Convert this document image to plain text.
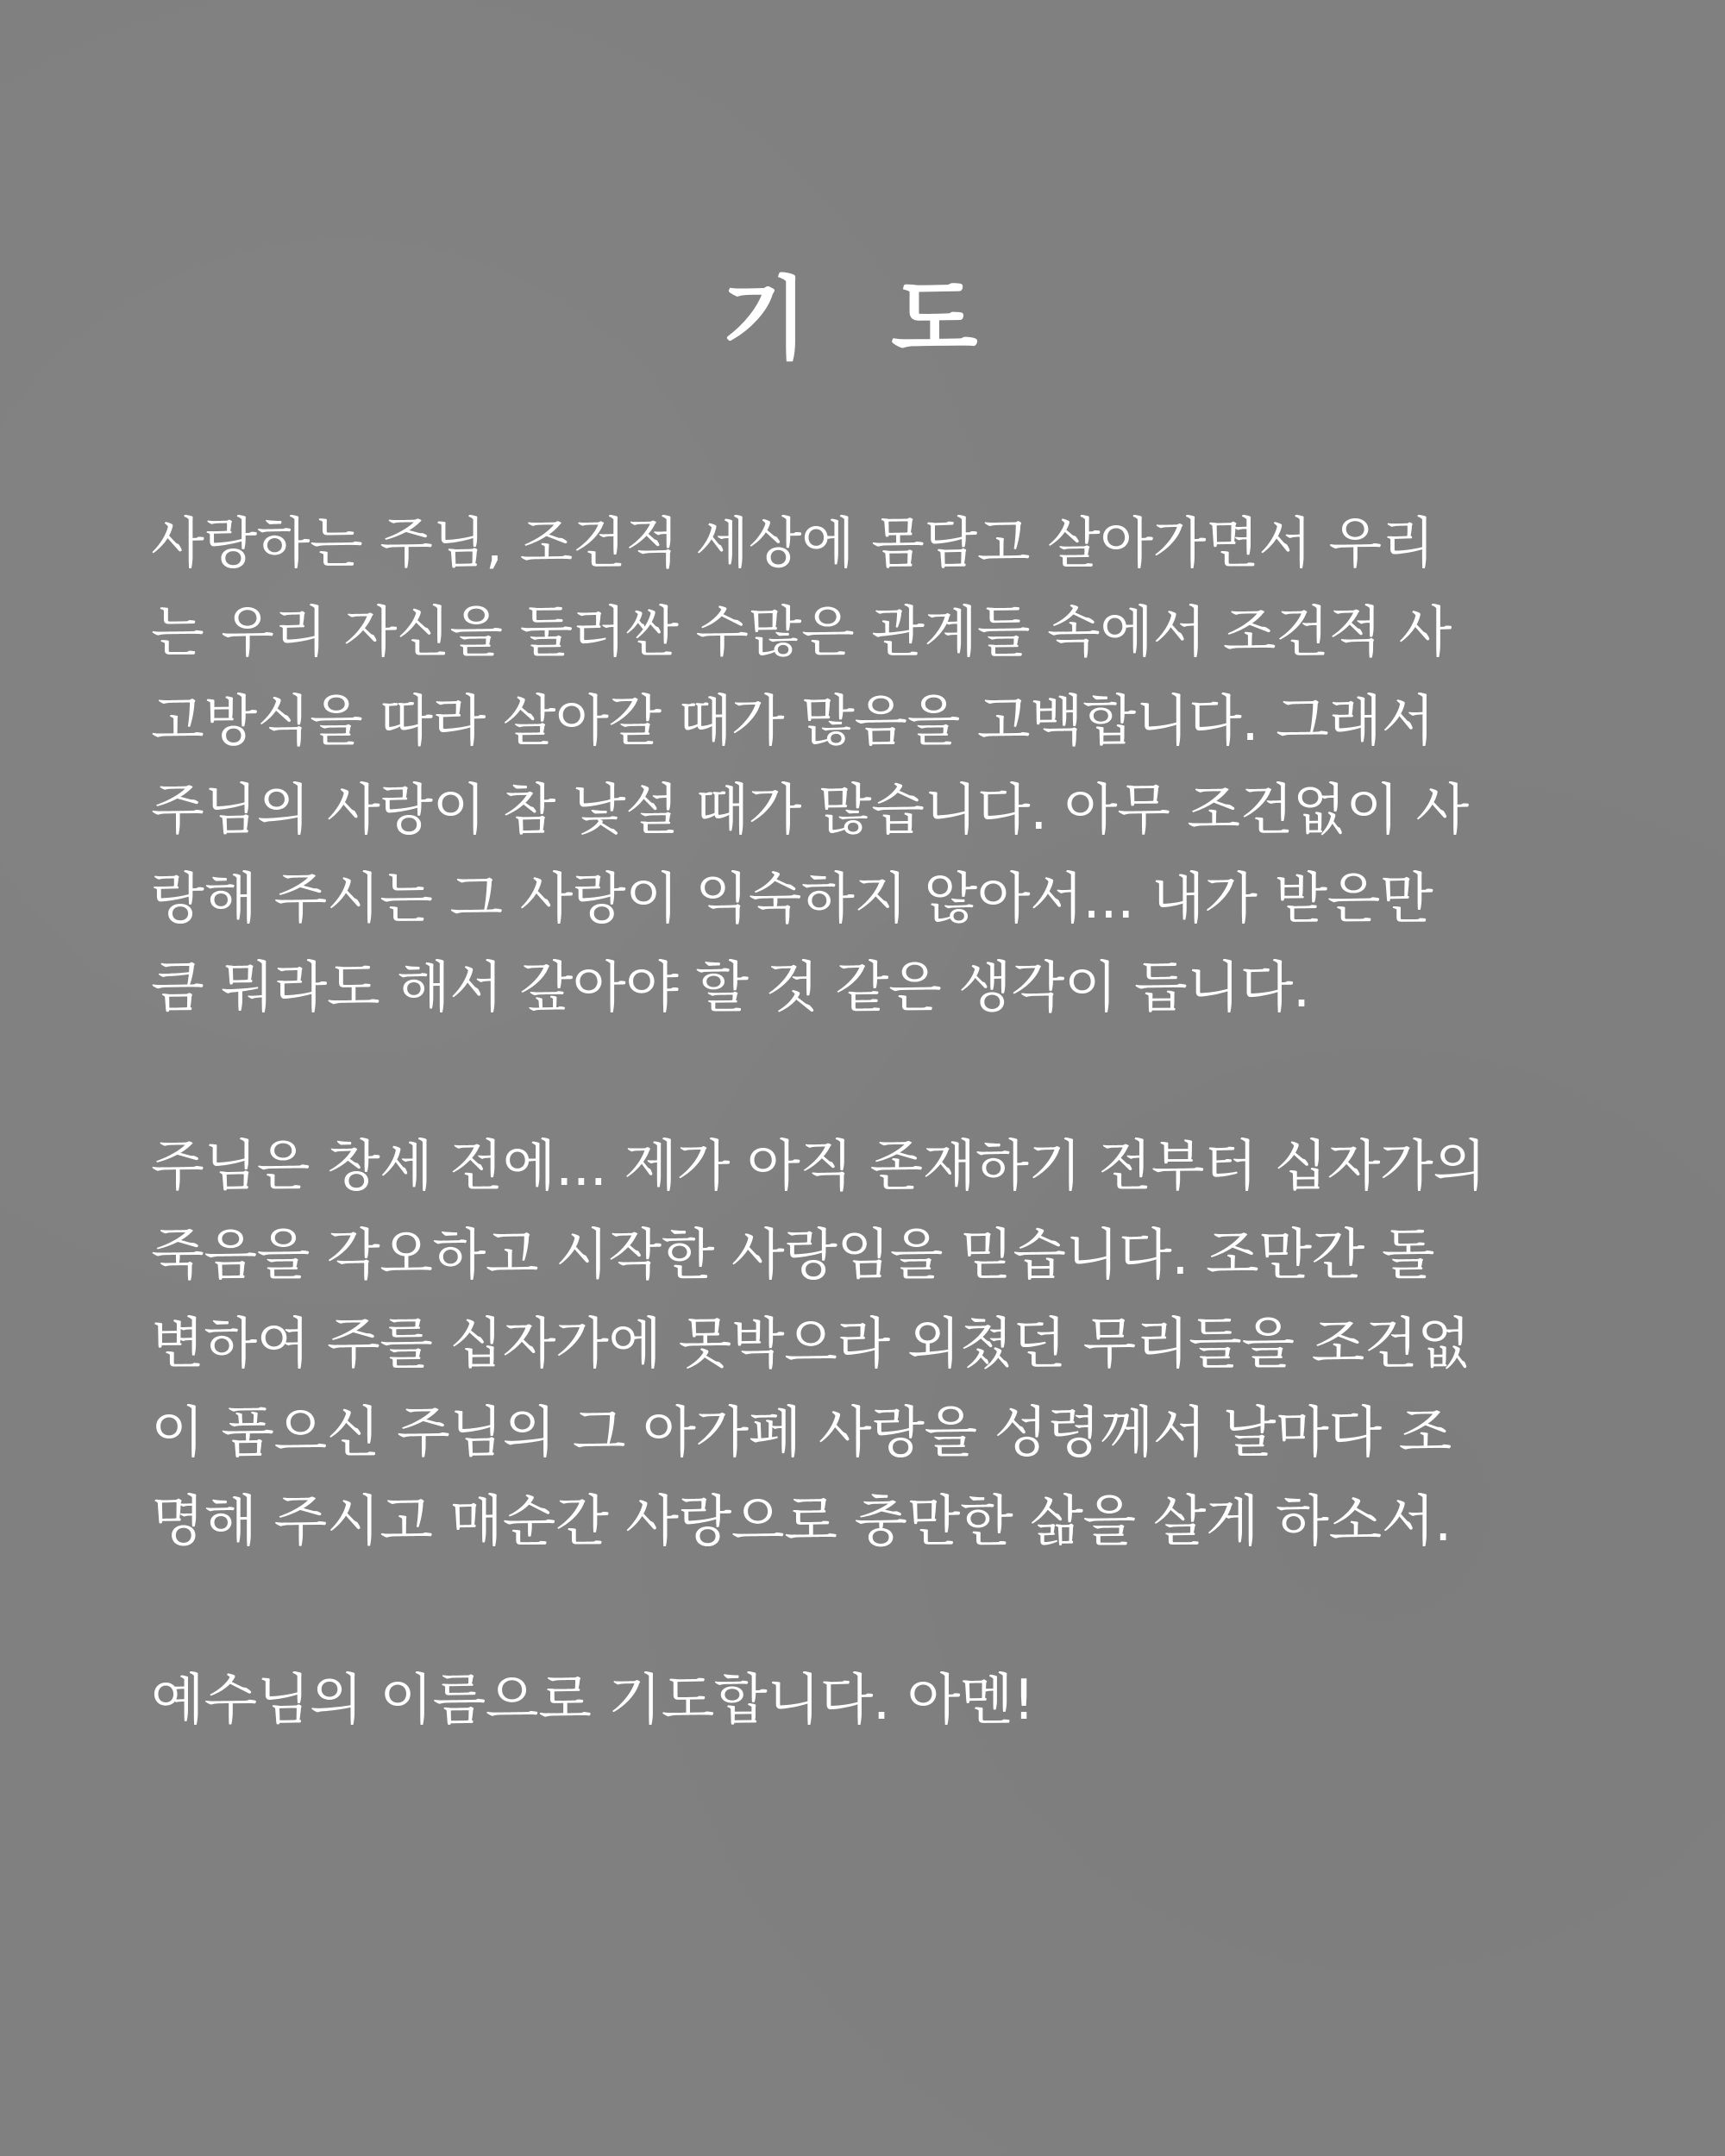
기 도

사랑하는 주님, 조건적 세상에 몸담고 살아가면서 우리
는 우리 자신을 둘러싼 수많은 관계들 속에서 조건적 사
고방식을 따라 살아갈 때가 많음을 고백합니다. 그래서
주님의 사랑이 참 낯설 때가 많습니다. 아무 조건없이 사
랑해 주시는 그 사랑이 익숙하지 않아서... 내가 받은만
큼 뭐라도 해서 갚아야 할 것 같은 생각이 듭니다.

주님은 창세 전에... 제가 아직 존재하기 전부터 십자가의
죽음을 각오하고 시작한 사랑임을 믿습니다. 조만간 돌
변하여 주를 십자가에 못박으라 외쳤던 무리들을 조건없
이 품으신 주님의 그 아가페 사랑을 성령께서 날마다 조
명해 주시고 매순간 사랑으로 충만한 삶을 살게 하소서.

예수님의 이름으로 기도합니다. 아멘!
